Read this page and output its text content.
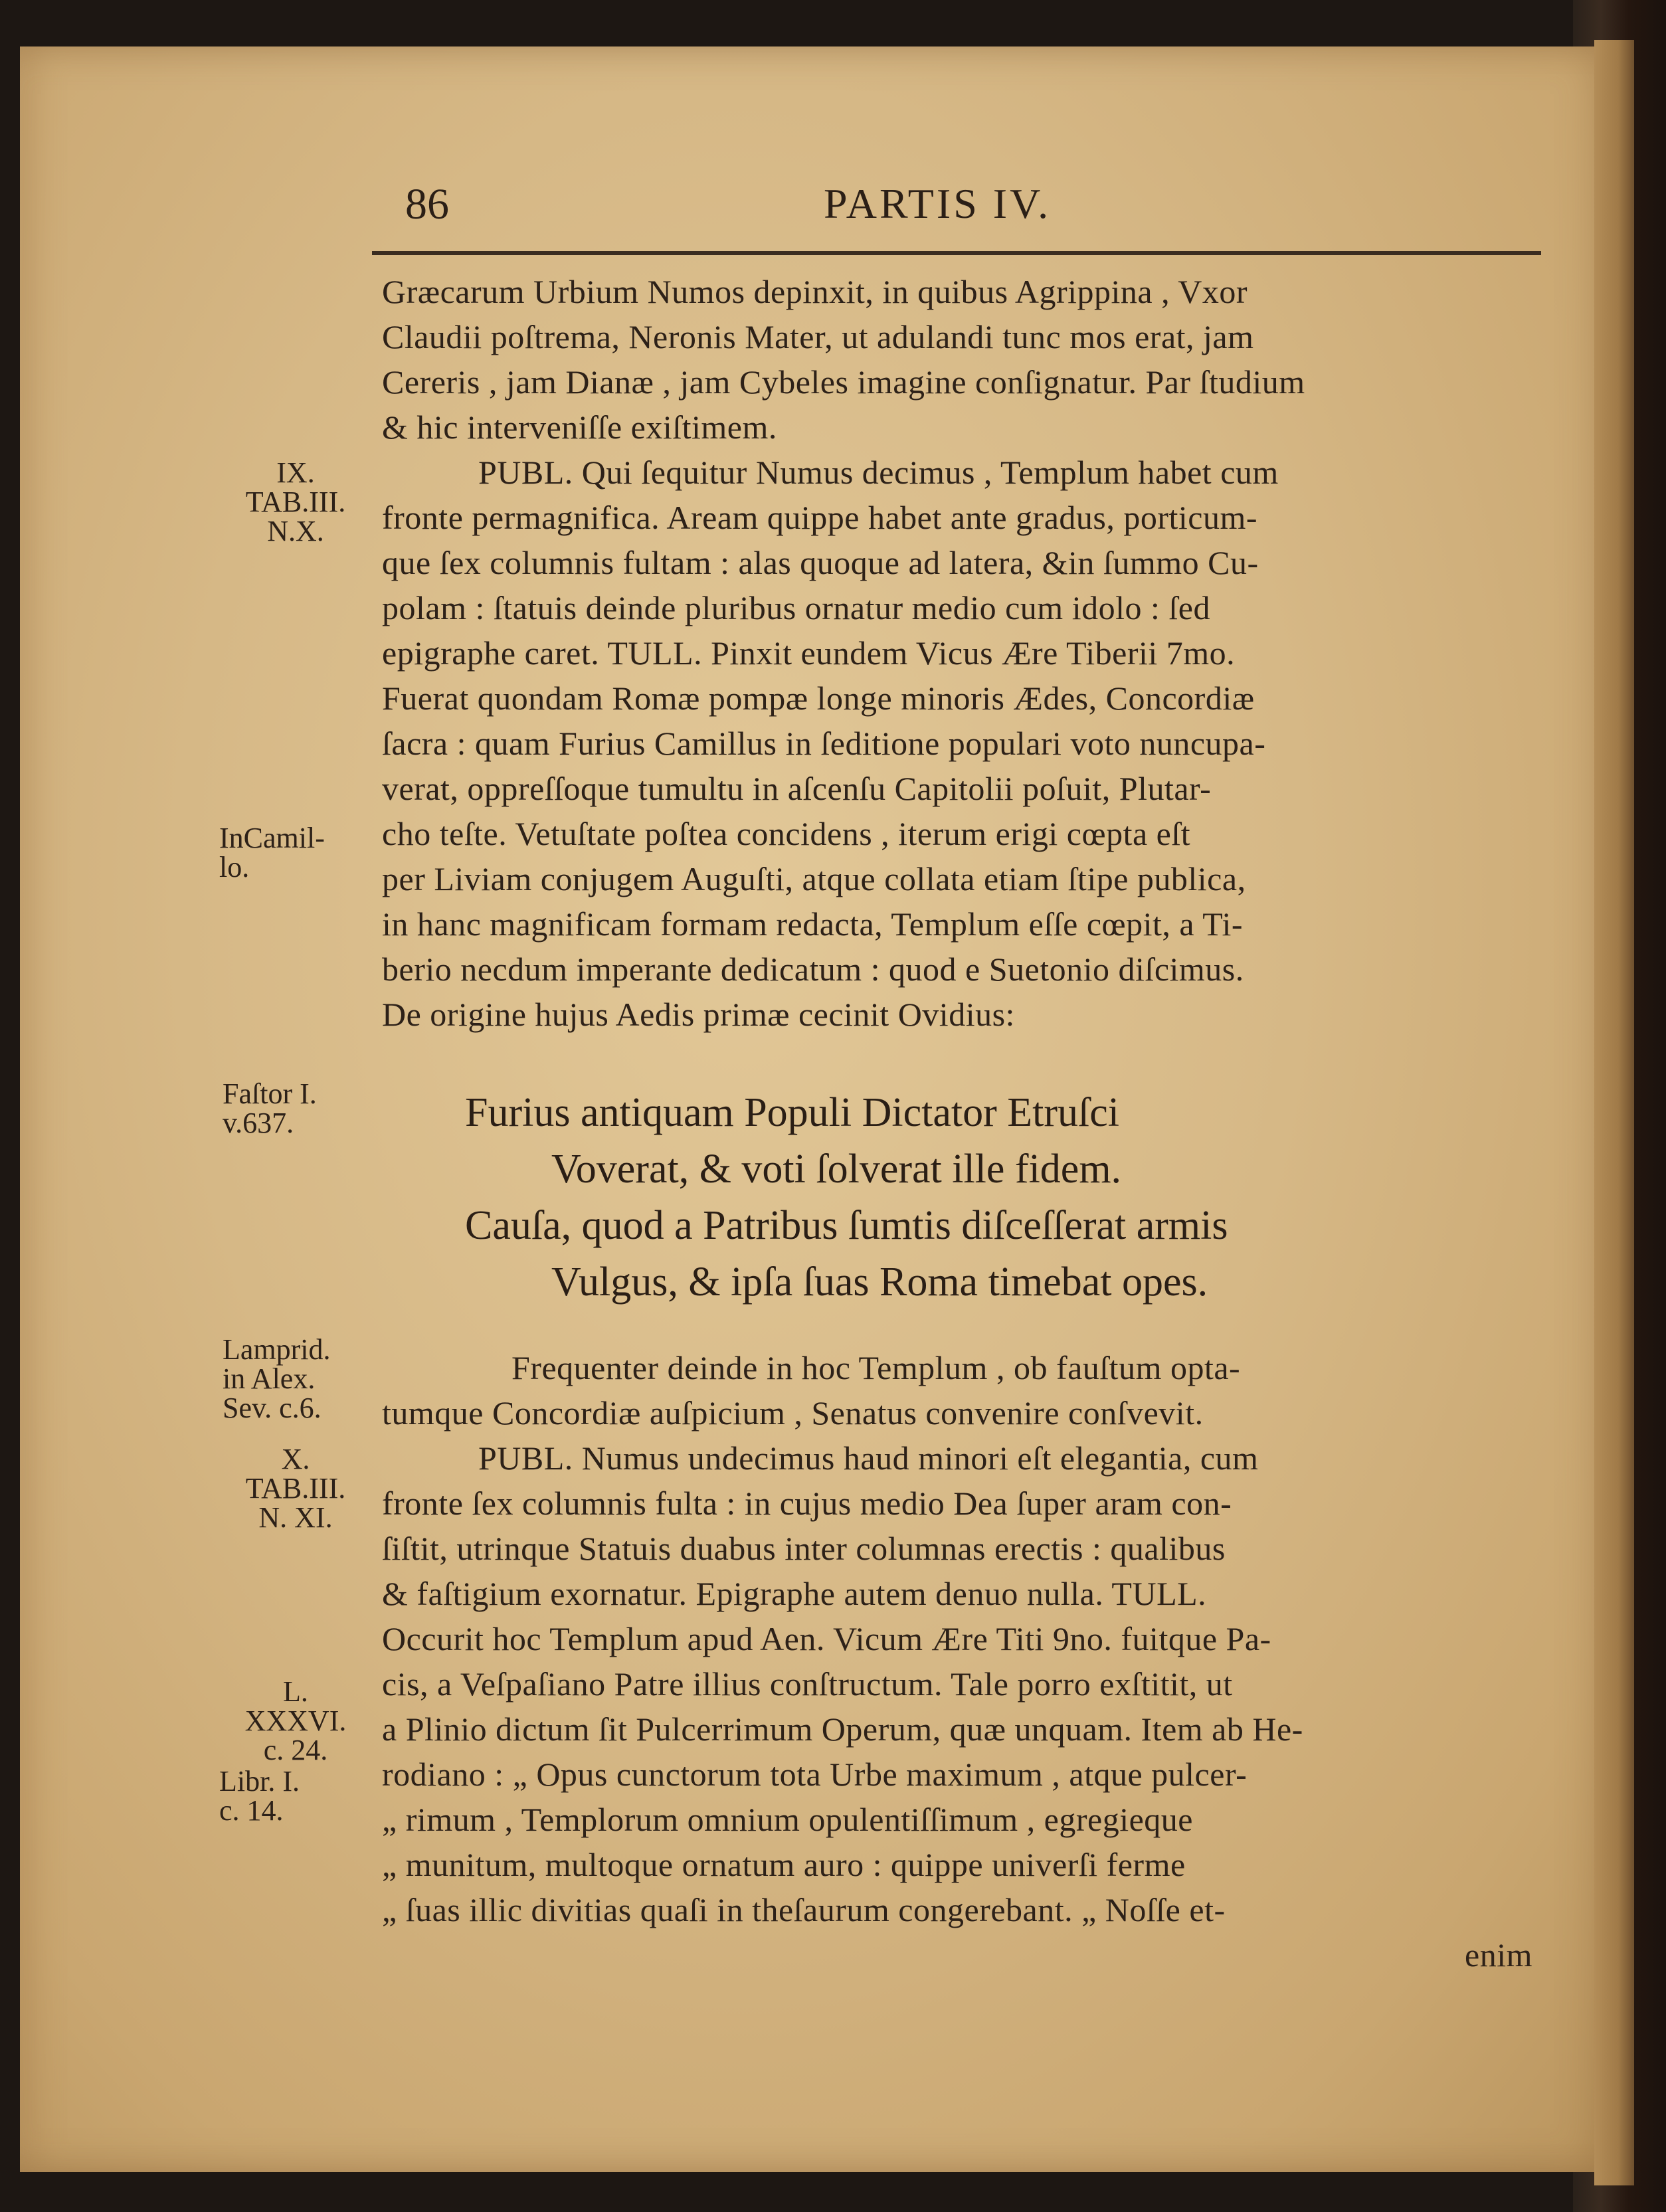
86	PARTIS IV.
Græcarum Urbium Numos depinxit, in quibus Agrippina , Vxor
Claudii poſtrema, Neronis Mater, ut adulandi tunc mos erat, jam
Cereris , jam Dianæ , jam Cybeles imagine conſignatur. Par ſtudium
& hic interveniſſe exiſtimem.
PUBL. Qui ſequitur Numus decimus , Templum habet cum
fronte permagnifica. Aream quippe habet ante gradus, porticum-
que ſex columnis fultam : alas quoque ad latera, &in ſummo Cu-
polam : ſtatuis deinde pluribus ornatur medio cum idolo : ſed
epigraphe caret. TULL. Pinxit eundem Vicus Ære Tiberii 7mo.
Fuerat quondam Romæ pompæ longe minoris Ædes, Concordiæ
ſacra : quam Furius Camillus in ſeditione populari voto nuncupa-
verat, oppreſſoque tumultu in aſcenſu Capitolii poſuit, Plutar-
cho teſte. Vetuſtate poſtea concidens , iterum erigi cœpta eſt
per Liviam conjugem Auguſti, atque collata etiam ſtipe publica,
in hanc magnificam formam redacta, Templum eſſe cœpit, a Ti-
berio necdum imperante dedicatum : quod e Suetonio diſcimus.
De origine hujus Aedis primæ cecinit Ovidius:
Furius antiquam Populi Dictator Etruſci
Voverat, & voti ſolverat ille fidem.
Cauſa, quod a Patribus ſumtis diſceſſerat armis
Vulgus, & ipſa ſuas Roma timebat opes.
Frequenter deinde in hoc Templum , ob fauſtum opta-
tumque Concordiæ auſpicium , Senatus convenire conſvevit.
PUBL. Numus undecimus haud minori eſt elegantia, cum
fronte ſex columnis fulta : in cujus medio Dea ſuper aram con-
ſiſtit, utrinque Statuis duabus inter columnas erectis : qualibus
& faſtigium exornatur. Epigraphe autem denuo nulla. TULL.
Occurit hoc Templum apud Aen. Vicum Ære Titi 9no. fuitque Pa-
cis, a Veſpaſiano Patre illius conſtructum. Tale porro exſtitit, ut
a Plinio dictum ſit Pulcerrimum Operum, quæ unquam. Item ab He-
rodiano : „ Opus cunctorum tota Urbe maximum , atque pulcer-
„ rimum , Templorum omnium opulentiſſimum , egregieque
„ munitum, multoque ornatum auro : quippe univerſi ferme
„ ſuas illic divitias quaſi in theſaurum congerebant. „ Noſſe et-
enim
IX.
TAB.III.
N.X.
InCamil-
lo.
Faſtor I.
v.637.
Lamprid.
in Alex.
Sev. c.6.
X.
TAB.III.
N. XI.
L.
XXXVI.
c. 24.
Libr. I.
c. 14.
